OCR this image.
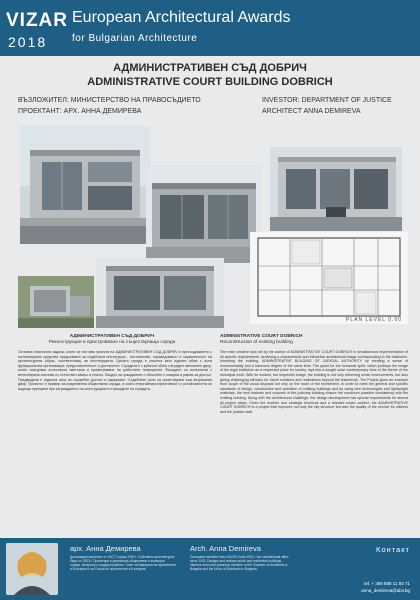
VIZAR
2018
European Architectural Awards
for Bulgarian Architecture
АДМИНИСТРАТИВЕН СЪД ДОБРИЧ
ADMINISTRATIVE COURT BUILDING DOBRICH
ВЪЗЛОЖИТЕЛ: МИНИСТЕРСТВО НА ПРАВОСЪДИЕТО
ПРОЕКТАНТ: АРХ. АННА ДЕМИРЕВА
INVESTOR: DEPARTMENT OF JUSTICE
ARCHITECT ANNA DEMIREVA
PLAN LEVEL 0.00
АДМИНИСТРАТИВЕН СЪД ДОБРИЧ
Реконструкция и пристрояване на съществуваща сграда
ADMINISTRATIVE COURT DOBRICH
Reconstruction of existing building
Основна пластична задача, която си поставя проекта на АДМИНИСТРАТИВЕН СЪД ДОБРИЧ е пресъздаването с контемпорани средства представата за съдебната институция - постоянство, справедливост и хармоничност на архитектурния образ, съответстващ на институцията. Цялата сграда е решена като единен обем с ясна функционална организация, представителност и достъпност. Сградата е с кубичен обем с вграден светлинен двор, която осигурява естествена светлина и проветряване на работните помещения. Фасадите са изпълнени с вентилирани системи от естествен камък и стъкло. Входът за гражданите е обособен с козирка и рампа за достъп. Предвидена е отделна зона за служебен достъп и паркиране. Съдебните зали са ориентирани към вътрешния двор. Проектът е пример за съвременна обществена сграда, в която енергийната ефективност и устойчивостта са водещи принципи при изграждането на конструкцията и фасадите на сградата.
The main creative task set by the author of ADMINISTRATIVE COURT DOBRICH is simultaneous implementation of all specific requirements, achieving a characteristic and influential architectural image corresponding to the institution. Inheriting the building, ADMINISTRATIVE BUILDING OF JUDICIAL AUTHORITY by creating a sense of monumentality and a harmonic degree of the same time. The quest for the humanist spirit, which portrays the image of the legal institution as a respected place for society, lays into a sought solar contemporary view of the theme of the municipal work. With its modest, but respectful image, the building is not only reforming urban environments, but also giving challenging stimulus for future solutions and realizations beyond the framework. The Project gives an example from scope of the usual disposal not only on the route of the investment. In order to meet the general and specific standards of design, construction and operation of existing buildings and by using new technologies and lightweight materials, the new features and volumes of the judiciary building ensure the maximum possible consistency with the existing building. Along with the architectural challenge, the design development has special requirements for almost all project steps. Given the modern and strategic functions and a relevant urban context, the ADMINISTRATIVE COURT DOBRICH is a project that improves not only the city structure but also the quality of the service for citizens and the judicial staff.
арх. Анна Демирева
Дипломиран архитект от УАСГ София 1992 г. Собствено архитектурно бюро от 2003 г. Проектира и реализира обществени и жилищни сгради, интериор и градоустройство. Член на Камарата на архитектите в България и на Съюза на архитектите в България.
Arch. Anna Demireva
Graduated architect from UACEG Sofia 1992. Own architectural office since 2003. Designs and realizes public and residential buildings, interiors and urban planning. Member of the Chamber of Architects in Bulgaria and the Union of Architects in Bulgaria.
Контакт
tel: + 359 888 11 50 71
anna_demireva@abv.bg
